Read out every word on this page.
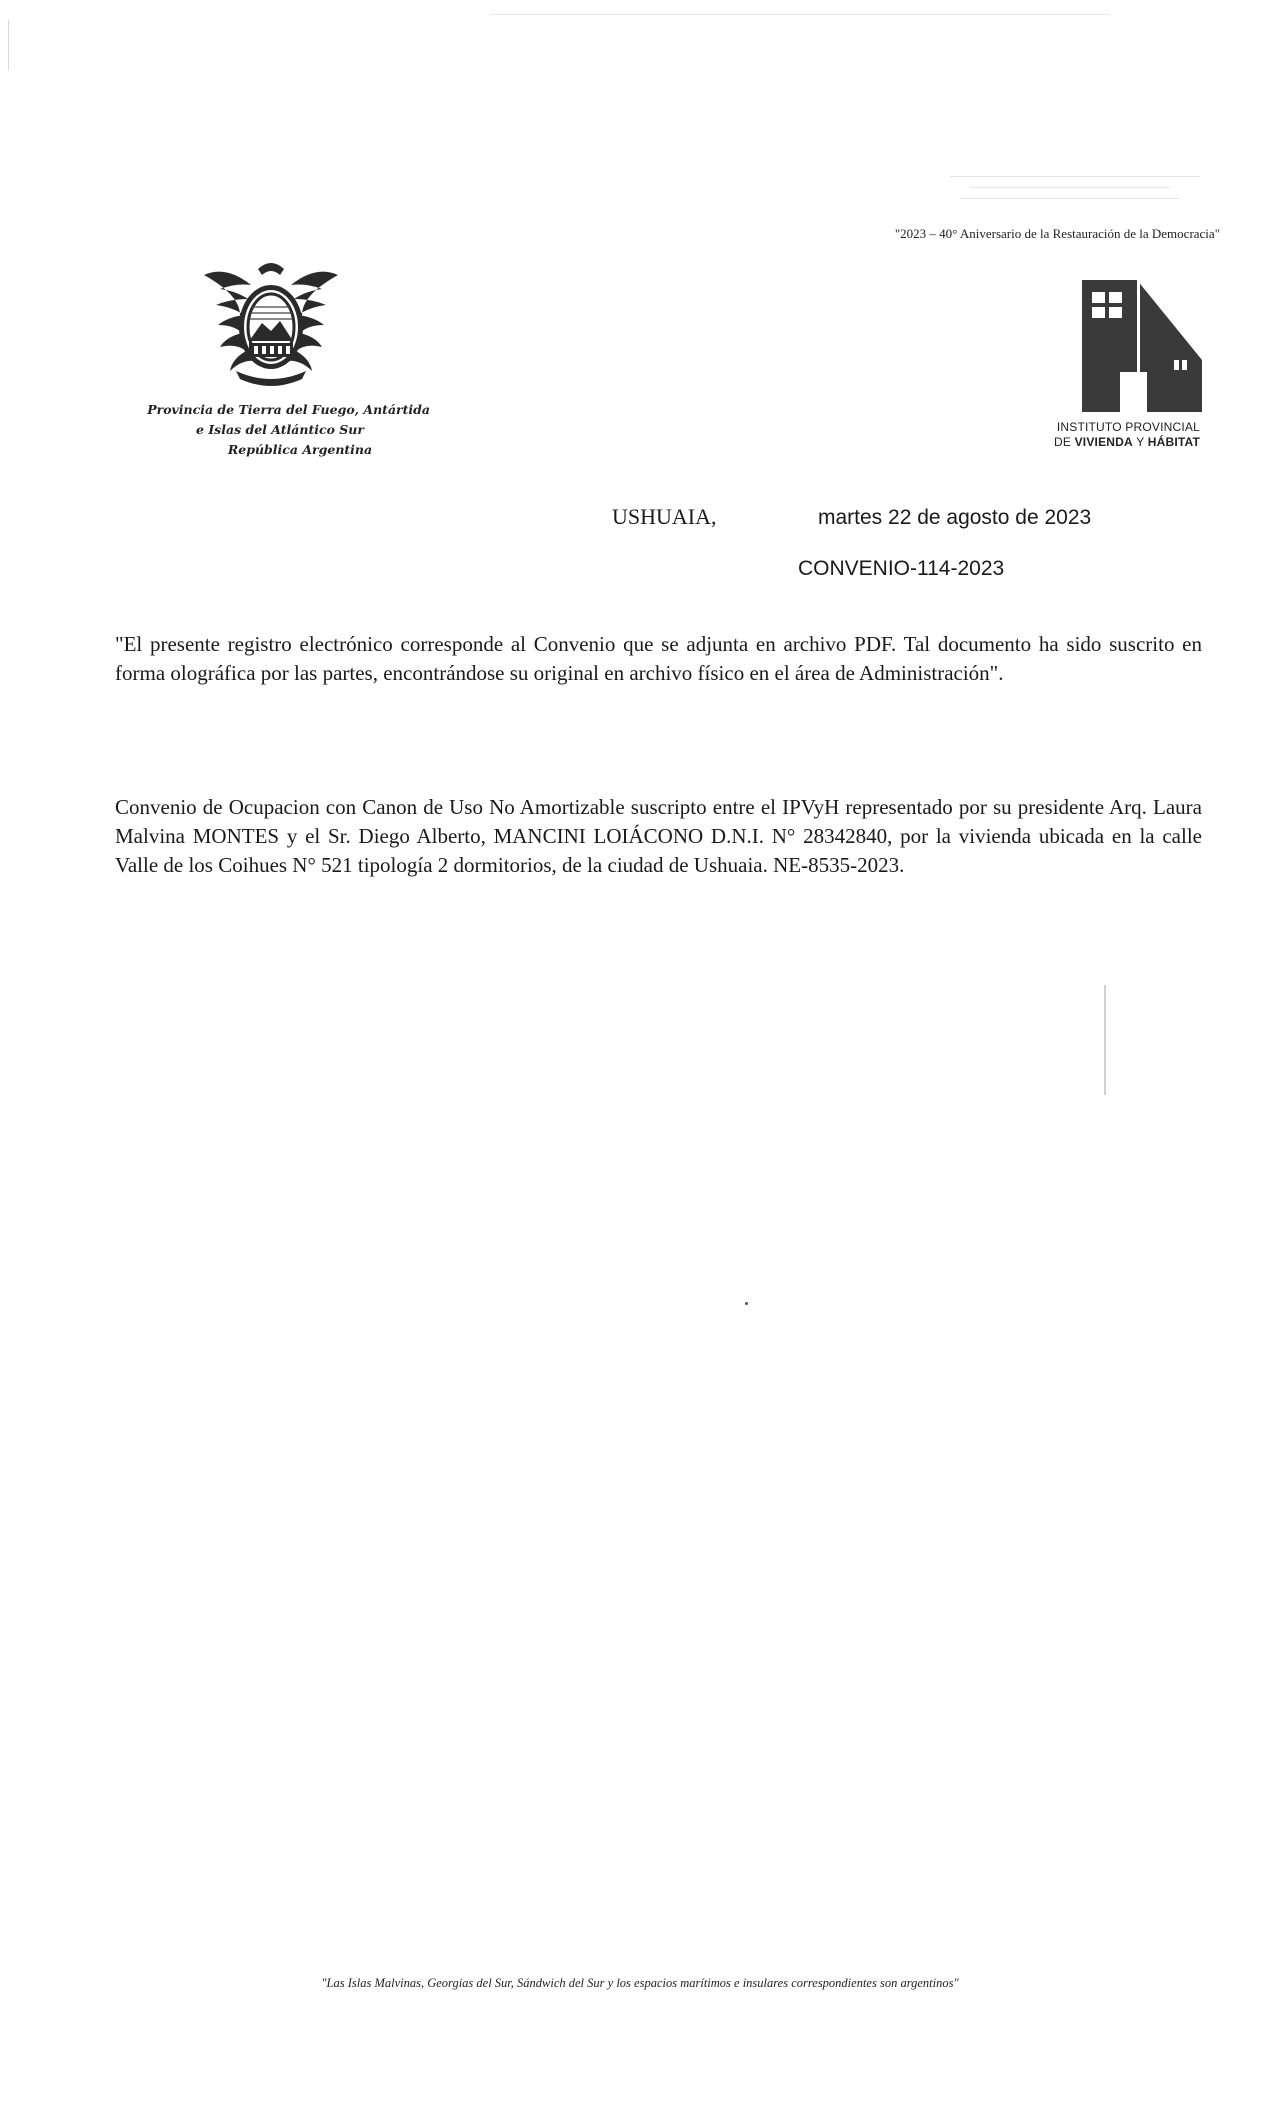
"2023 – 40° Aniversario de la Restauración de la Democracia"
Provincia de Tierra del Fuego, Antártida
e Islas del Atlántico Sur
República Argentina
INSTITUTO PROVINCIAL
DE VIVIENDA Y HÁBITAT
USHUAIA,	martes 22 de agosto de 2023
CONVENIO-114-2023
"El presente registro electrónico corresponde al Convenio que se adjunta en archivo PDF. Tal documento ha sido suscrito en forma olográfica por las partes, encontrándose su original en archivo físico en el área de Administración".
Convenio de Ocupacion con Canon de Uso No Amortizable suscripto entre el IPVyH representado por su presidente Arq. Laura Malvina MONTES y el Sr. Diego Alberto, MANCINI LOIÁCONO D.N.I. N° 28342840, por la vivienda ubicada en la calle Valle de los Coihues N° 521 tipología 2 dormitorios, de la ciudad de Ushuaia. NE-8535-2023.
"Las Islas Malvinas, Georgias del Sur, Sándwich del Sur y los espacios marítimos e insulares correspondientes son argentinos"
